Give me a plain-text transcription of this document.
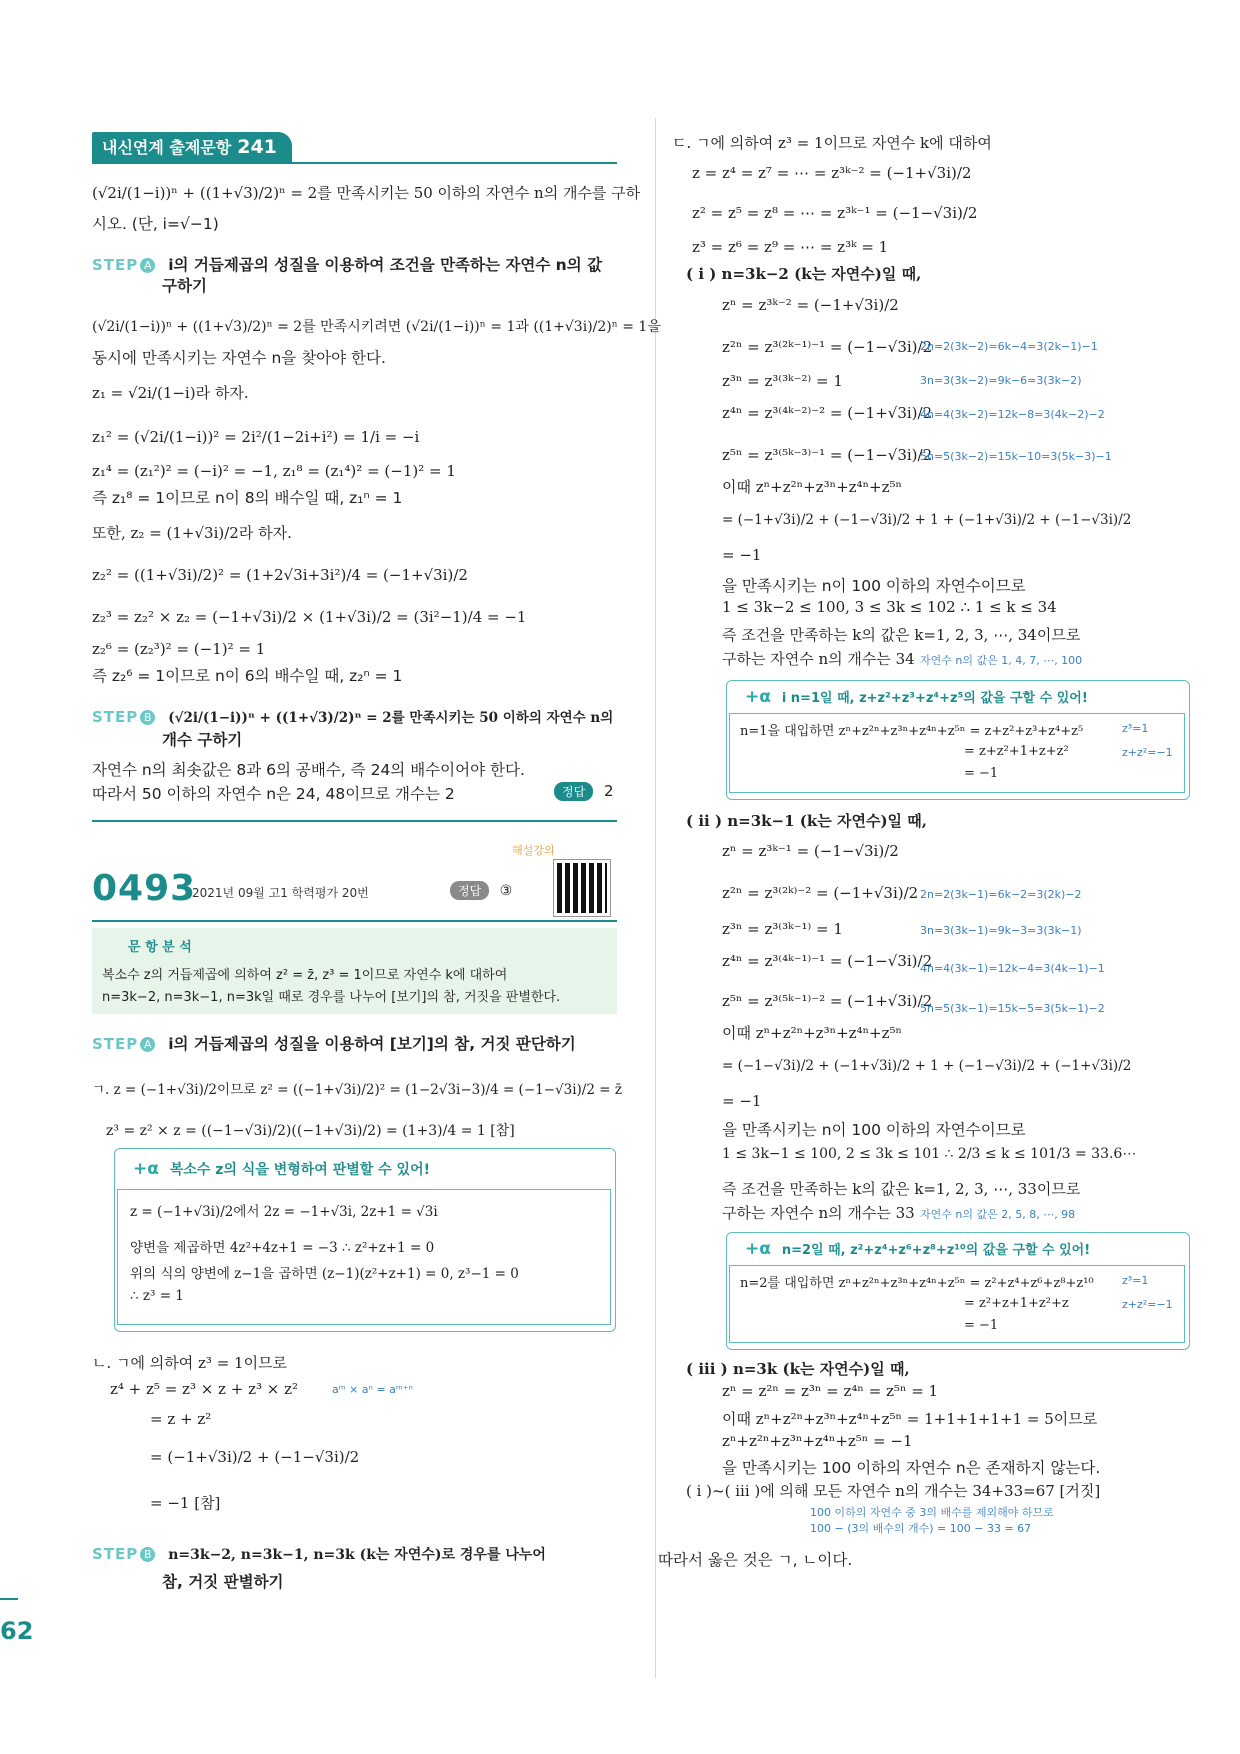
62
내신연계 출제문항 241
(√2i/(1−i))ⁿ + ((1+√3)/2)ⁿ = 2를 만족시키는 50 이하의 자연수 n의 개수를 구하
시오. (단, i=√−1)
STEP A i의 거듭제곱의 성질을 이용하여 조건을 만족하는 자연수 n의 값
구하기
(√2i/(1−i))ⁿ + ((1+√3)/2)ⁿ = 2를 만족시키려면 (√2i/(1−i))ⁿ = 1과 ((1+√3i)/2)ⁿ = 1을
동시에 만족시키는 자연수 n을 찾아야 한다.
z₁ = √2i/(1−i)라 하자.
z₁² = (√2i/(1−i))² = 2i²/(1−2i+i²) = 1/i = −i
z₁⁴ = (z₁²)² = (−i)² = −1, z₁⁸ = (z₁⁴)² = (−1)² = 1
즉 z₁⁸ = 1이므로 n이 8의 배수일 때, z₁ⁿ = 1
또한, z₂ = (1+√3i)/2라 하자.
z₂² = ((1+√3i)/2)² = (1+2√3i+3i²)/4 = (−1+√3i)/2
z₂³ = z₂² × z₂ = (−1+√3i)/2 × (1+√3i)/2 = (3i²−1)/4 = −1
z₂⁶ = (z₂³)² = (−1)² = 1
즉 z₂⁶ = 1이므로 n이 6의 배수일 때, z₂ⁿ = 1
STEP B (√2i/(1−i))ⁿ + ((1+√3)/2)ⁿ = 2를 만족시키는 50 이하의 자연수 n의
개수 구하기
자연수 n의 최솟값은 8과 6의 공배수, 즉 24의 배수이어야 한다.
따라서 50 이하의 자연수 n은 24, 48이므로 개수는 2	정답 2
해설강의
0493
2021년 09월 고1 학력평가 20번	정답 ③
문 항 분 석
복소수 z의 거듭제곱에 의하여 z² = z̄, z³ = 1이므로 자연수 k에 대하여
n=3k−2, n=3k−1, n=3k일 때로 경우를 나누어 [보기]의 참, 거짓을 판별한다.
STEP A i의 거듭제곱의 성질을 이용하여 [보기]의 참, 거짓 판단하기
ㄱ. z = (−1+√3i)/2이므로 z² = ((−1+√3i)/2)² = (1−2√3i−3)/4 = (−1−√3i)/2 = z̄
z³ = z² × z = ((−1−√3i)/2)((−1+√3i)/2) = (1+3)/4 = 1 [참]
+α 복소수 z의 식을 변형하여 판별할 수 있어!
z = (−1+√3i)/2에서 2z = −1+√3i, 2z+1 = √3i
양변을 제곱하면 4z²+4z+1 = −3 ∴ z²+z+1 = 0
위의 식의 양변에 z−1을 곱하면 (z−1)(z²+z+1) = 0, z³−1 = 0
∴ z³ = 1
ㄴ. ㄱ에 의하여 z³ = 1이므로
z⁴ + z⁵ = z³ × z + z³ × z²	aᵐ × aⁿ = aᵐ⁺ⁿ
= z + z²
= (−1+√3i)/2 + (−1−√3i)/2
= −1 [참]
STEP B n=3k−2, n=3k−1, n=3k (k는 자연수)로 경우를 나누어
참, 거짓 판별하기
ㄷ. ㄱ에 의하여 z³ = 1이므로 자연수 k에 대하여
z = z⁴ = z⁷ = ⋯ = z³ᵏ⁻² = (−1+√3i)/2
z² = z⁵ = z⁸ = ⋯ = z³ᵏ⁻¹ = (−1−√3i)/2
z³ = z⁶ = z⁹ = ⋯ = z³ᵏ = 1
( i ) n=3k−2 (k는 자연수)일 때,
zⁿ = z³ᵏ⁻² = (−1+√3i)/2
z²ⁿ = z³⁽²ᵏ⁻¹⁾⁻¹ = (−1−√3i)/2
2n=2(3k−2)=6k−4=3(2k−1)−1
z³ⁿ = z³⁽³ᵏ⁻²⁾ = 1	3n=3(3k−2)=9k−6=3(3k−2)
z⁴ⁿ = z³⁽⁴ᵏ⁻²⁾⁻² = (−1+√3i)/2
4n=4(3k−2)=12k−8=3(4k−2)−2
z⁵ⁿ = z³⁽⁵ᵏ⁻³⁾⁻¹ = (−1−√3i)/2
5n=5(3k−2)=15k−10=3(5k−3)−1
이때 zⁿ+z²ⁿ+z³ⁿ+z⁴ⁿ+z⁵ⁿ
= (−1+√3i)/2 + (−1−√3i)/2 + 1 + (−1+√3i)/2 + (−1−√3i)/2
= −1
을 만족시키는 n이 100 이하의 자연수이므로
1 ≤ 3k−2 ≤ 100, 3 ≤ 3k ≤ 102 ∴ 1 ≤ k ≤ 34
즉 조건을 만족하는 k의 값은 k=1, 2, 3, ⋯, 34이므로
구하는 자연수 n의 개수는 34 자연수 n의 값은 1, 4, 7, ⋯, 100
+α i n=1일 때, z+z²+z³+z⁴+z⁵의 값을 구할 수 있어!
n=1을 대입하면 zⁿ+z²ⁿ+z³ⁿ+z⁴ⁿ+z⁵ⁿ = z+z²+z³+z⁴+z⁵
= z+z²+1+z+z²
= −1
z³=1
z+z²=−1
( ii ) n=3k−1 (k는 자연수)일 때,
zⁿ = z³ᵏ⁻¹ = (−1−√3i)/2
z²ⁿ = z³⁽²ᵏ⁾⁻² = (−1+√3i)/2 2n=2(3k−1)=6k−2=3(2k)−2
z³ⁿ = z³⁽³ᵏ⁻¹⁾ = 1	3n=3(3k−1)=9k−3=3(3k−1)
z⁴ⁿ = z³⁽⁴ᵏ⁻¹⁾⁻¹ = (−1−√3i)/2
4n=4(3k−1)=12k−4=3(4k−1)−1
z⁵ⁿ = z³⁽⁵ᵏ⁻¹⁾⁻² = (−1+√3i)/2
5n=5(3k−1)=15k−5=3(5k−1)−2
이때 zⁿ+z²ⁿ+z³ⁿ+z⁴ⁿ+z⁵ⁿ
= (−1−√3i)/2 + (−1+√3i)/2 + 1 + (−1−√3i)/2 + (−1+√3i)/2
= −1
을 만족시키는 n이 100 이하의 자연수이므로
1 ≤ 3k−1 ≤ 100, 2 ≤ 3k ≤ 101 ∴ 2/3 ≤ k ≤ 101/3 = 33.6⋯
즉 조건을 만족하는 k의 값은 k=1, 2, 3, ⋯, 33이므로
구하는 자연수 n의 개수는 33 자연수 n의 값은 2, 5, 8, ⋯, 98
+α n=2일 때, z²+z⁴+z⁶+z⁸+z¹⁰의 값을 구할 수 있어!
n=2를 대입하면 zⁿ+z²ⁿ+z³ⁿ+z⁴ⁿ+z⁵ⁿ = z²+z⁴+z⁶+z⁸+z¹⁰
= z²+z+1+z²+z
= −1
z³=1
z+z²=−1
( iii ) n=3k (k는 자연수)일 때,
zⁿ = z²ⁿ = z³ⁿ = z⁴ⁿ = z⁵ⁿ = 1
이때 zⁿ+z²ⁿ+z³ⁿ+z⁴ⁿ+z⁵ⁿ = 1+1+1+1+1 = 5이므로
zⁿ+z²ⁿ+z³ⁿ+z⁴ⁿ+z⁵ⁿ = −1
을 만족시키는 100 이하의 자연수 n은 존재하지 않는다.
( i )~( iii )에 의해 모든 자연수 n의 개수는 34+33=67 [거짓]
100 이하의 자연수 중 3의 배수를 제외해야 하므로
100 − (3의 배수의 개수) = 100 − 33 = 67
따라서 옳은 것은 ㄱ, ㄴ이다.
